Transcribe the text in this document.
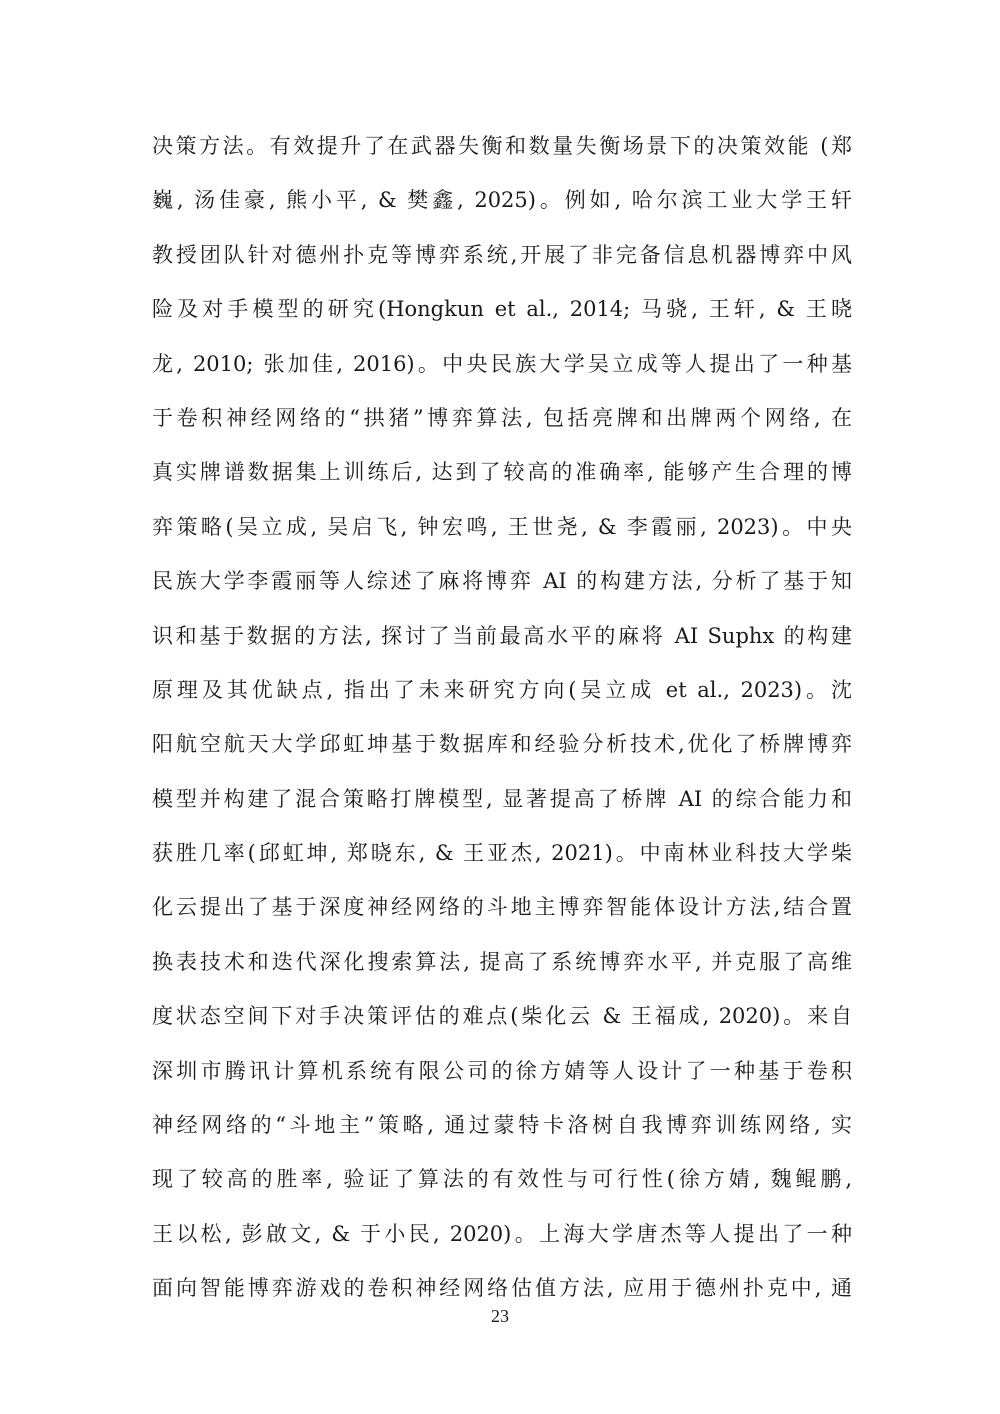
决策方法。有效提升了在武器失衡和数量失衡场景下的决策效能 (郑
巍, 汤佳豪, 熊小平, & 樊鑫, 2025)。例如, 哈尔滨工业大学王轩
教授团队针对德州扑克等博弈系统,开展了非完备信息机器博弈中风
险及对手模型的研究(Hongkun et al., 2014; 马骁, 王轩, & 王晓
龙, 2010; 张加佳, 2016)。中央民族大学吴立成等人提出了一种基
于卷积神经网络的“拱猪”博弈算法, 包括亮牌和出牌两个网络, 在
真实牌谱数据集上训练后, 达到了较高的准确率, 能够产生合理的博
弈策略(吴立成, 吴启飞, 钟宏鸣, 王世尧, & 李霞丽, 2023)。中央
民族大学李霞丽等人综述了麻将博弈 AI 的构建方法, 分析了基于知
识和基于数据的方法, 探讨了当前最高水平的麻将 AI Suphx 的构建
原理及其优缺点, 指出了未来研究方向(吴立成 et al., 2023)。沈
阳航空航天大学邱虹坤基于数据库和经验分析技术,优化了桥牌博弈
模型并构建了混合策略打牌模型, 显著提高了桥牌 AI 的综合能力和
获胜几率(邱虹坤, 郑晓东, & 王亚杰, 2021)。中南林业科技大学柴
化云提出了基于深度神经网络的斗地主博弈智能体设计方法,结合置
换表技术和迭代深化搜索算法, 提高了系统博弈水平, 并克服了高维
度状态空间下对手决策评估的难点(柴化云 & 王福成, 2020)。来自
深圳市腾讯计算机系统有限公司的徐方婧等人设计了一种基于卷积
神经网络的“斗地主”策略, 通过蒙特卡洛树自我博弈训练网络, 实
现了较高的胜率, 验证了算法的有效性与可行性(徐方婧, 魏鲲鹏,
王以松, 彭啟文, & 于小民, 2020)。上海大学唐杰等人提出了一种
面向智能博弈游戏的卷积神经网络估值方法, 应用于德州扑克中, 通
23
